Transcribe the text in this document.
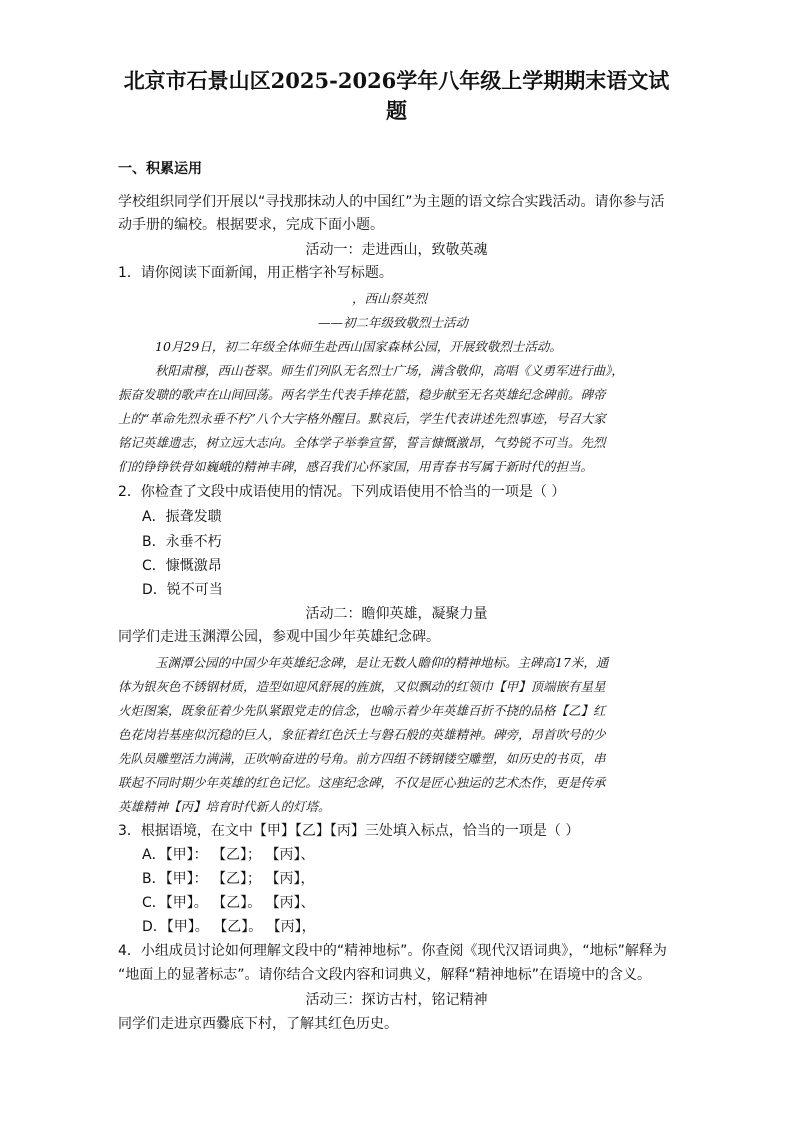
北京市石景山区2025-2026学年八年级上学期期末语文试
题
一、积累运用
学校组织同学们开展以“寻找那抹动人的中国红”为主题的语文综合实践活动。请你参与活
动手册的编校。根据要求，完成下面小题。
活动一：走进西山，致敬英魂
1．请你阅读下面新闻，用正楷字补写标题。
，西山祭英烈
——初二年级致敬烈士活动
10月29日，初二年级全体师生赴西山国家森林公园，开展致敬烈士活动。
秋阳肃穆，西山苍翠。师生们列队无名烈士广场，满含敬仰，高唱《义勇军进行曲》，
振奋发聩的歌声在山间回荡。两名学生代表手捧花篮，稳步献至无名英雄纪念碑前。碑帝
上的“革命先烈永垂不朽”八个大字格外醒目。默哀后，学生代表讲述先烈事迹，号召大家
铭记英雄遗志，树立远大志向。全体学子举拳宣誓，誓言慷慨激昂，气势锐不可当。先烈
们的铮铮铁骨如巍峨的精神丰碑，感召我们心怀家国，用青春书写属于新时代的担当。
2．你检查了文段中成语使用的情况。下列成语使用不恰当的一项是（ ）
A．振聋发聩
B．永垂不朽
C．慷慨激昂
D．锐不可当
活动二：瞻仰英雄，凝聚力量
同学们走进玉渊潭公园，参观中国少年英雄纪念碑。
玉渊潭公园的中国少年英雄纪念碑，是让无数人瞻仰的精神地标。主碑高17米，通
体为银灰色不锈钢材质，造型如迎风舒展的旌旗，又似飘动的红领巾【甲】顶端嵌有星星
火炬图案，既象征着少先队紧跟党走的信念，也喻示着少年英雄百折不挠的品格【乙】红
色花岗岩基座似沉稳的巨人，象征着红色沃土与磐石般的英雄精神。碑旁，昂首吹号的少
先队员雕塑活力满满，正吹响奋进的号角。前方四组不锈钢镂空雕塑，如历史的书页，串
联起不同时期少年英雄的红色记忆。这座纪念碑，不仅是匠心独运的艺术杰作，更是传承
英雄精神【丙】培育时代新人的灯塔。
3．根据语境，在文中【甲】【乙】【丙】三处填入标点，恰当的一项是（ ）
A．【甲】： 【乙】； 【丙】、
B．【甲】： 【乙】； 【丙】，
C．【甲】。 【乙】。 【丙】、
D．【甲】。 【乙】。 【丙】，
4．小组成员讨论如何理解文段中的“精神地标”。你查阅《现代汉语词典》，“地标”解释为
“地面上的显著标志”。请你结合文段内容和词典义，解释“精神地标”在语境中的含义。
活动三：探访古村，铭记精神
同学们走进京西爨底下村，了解其红色历史。
